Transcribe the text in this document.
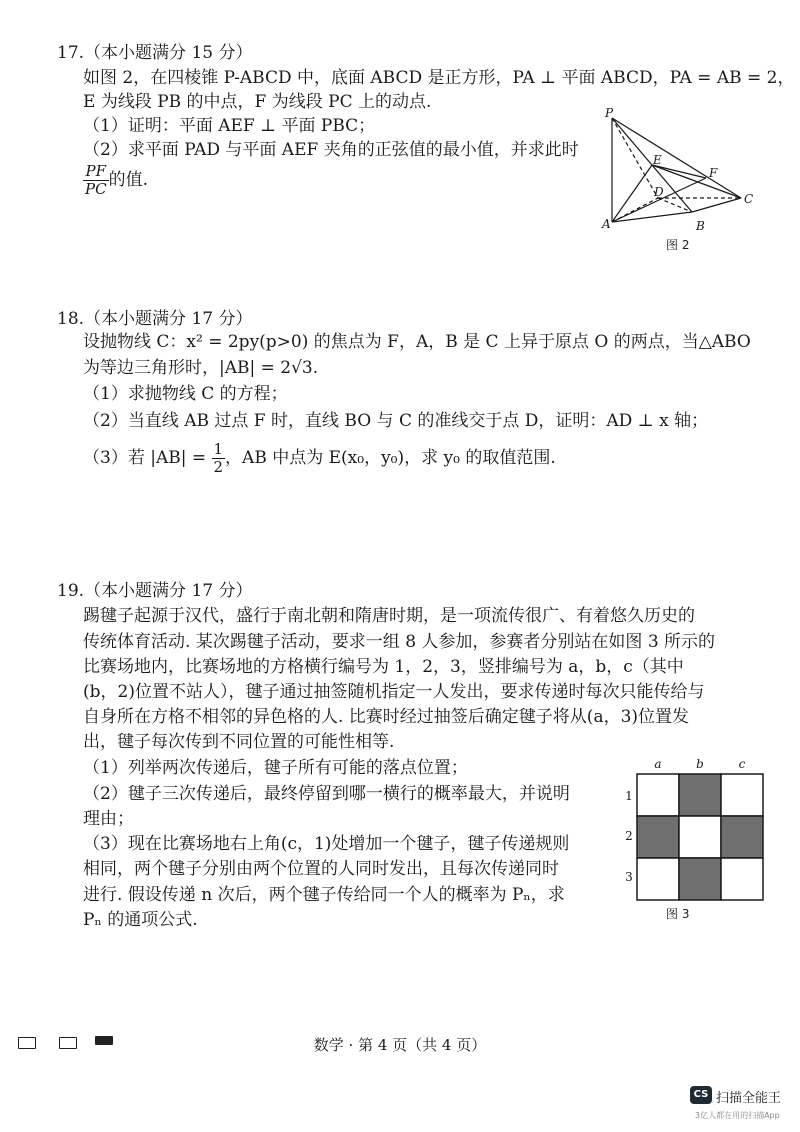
17.（本小题满分 15 分）
如图 2，在四棱锥 P-ABCD 中，底面 ABCD 是正方形，PA ⊥ 平面 ABCD，PA = AB = 2，
E 为线段 PB 的中点，F 为线段 PC 上的动点.
（1）证明：平面 AEF ⊥ 平面 PBC；
（2）求平面 PAD 与平面 AEF 夹角的正弦值的最小值，并求此时
$\frac{PF}{PC}$ 的值.
P
A	B
C
D
E
F
图 2
18.（本小题满分 17 分）
设抛物线 C：x² = 2py(p>0) 的焦点为 F，A，B 是 C 上异于原点 O 的两点，当△ABO
为等边三角形时，|AB| = 2√3.
（1）求抛物线 C 的方程；
（2）当直线 AB 过点 F 时，直线 BO 与 C 的准线交于点 D，证明：AD ⊥ x 轴；
（3）若 $|AB| = \frac{1}{2}$ ，AB 中点为 E(x₀，y₀)，求 y₀ 的取值范围.
19.（本小题满分 17 分）
踢毽子起源于汉代，盛行于南北朝和隋唐时期，是一项流传很广、有着悠久历史的
传统体育活动. 某次踢毽子活动，要求一组 8 人参加，参赛者分别站在如图 3 所示的
比赛场地内，比赛场地的方格横行编号为 1，2，3，竖排编号为 a，b，c（其中
(b，2)位置不站人），毽子通过抽签随机指定一人发出，要求传递时每次只能传给与
自身所在方格不相邻的异色格的人. 比赛时经过抽签后确定毽子将从(a，3)位置发
出，毽子每次传到不同位置的可能性相等.
（1）列举两次传递后，毽子所有可能的落点位置；
（2）毽子三次传递后，最终停留到哪一横行的概率最大，并说明
理由；
（3）现在比赛场地右上角(c，1)处增加一个毽子，毽子传递规则
相同，两个毽子分别由两个位置的人同时发出，且每次传递同时
进行. 假设传递 n 次后，两个毽子传给同一个人的概率为 Pₙ，求
Pₙ 的通项公式.
a	b	c
1
2
3
图 3
数学 · 第 4 页（共 4 页）
CS 扫描全能王
3亿人都在用的扫描App
